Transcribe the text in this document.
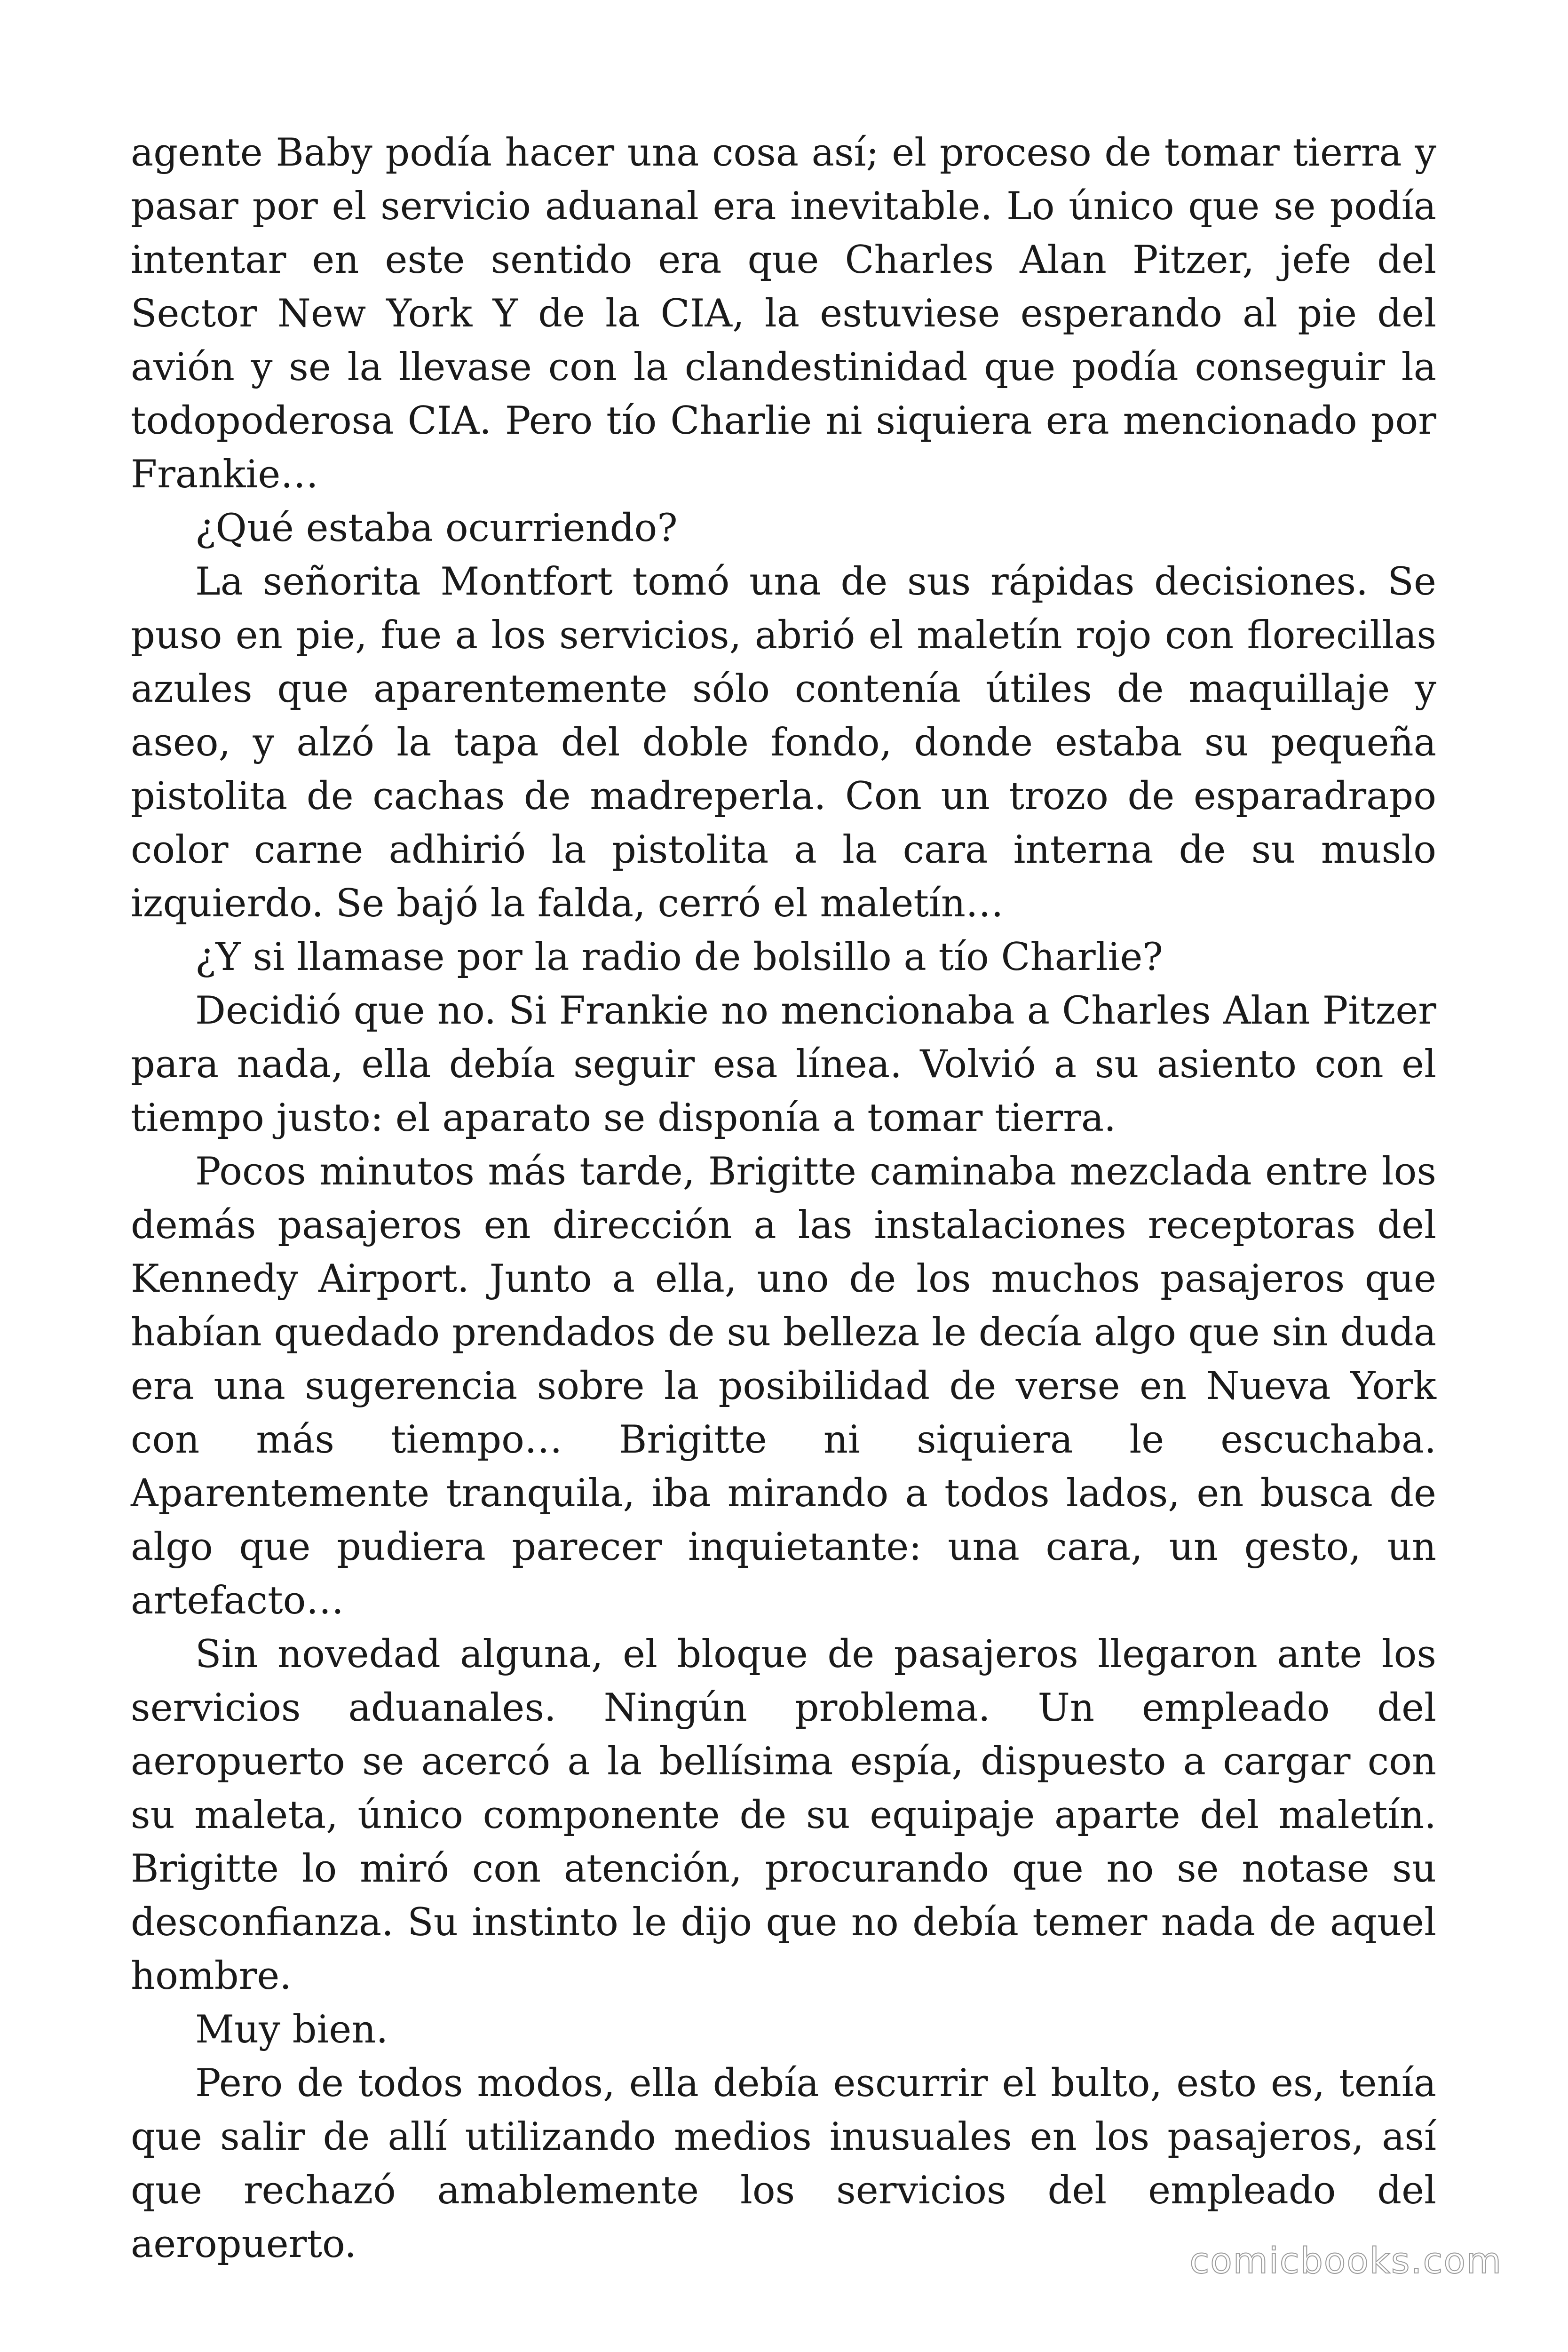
agente Baby podía hacer una cosa así; el proceso de tomar tierra y pasar por el servicio aduanal era inevitable. Lo único que se podía intentar en este sentido era que Charles Alan Pitzer, jefe del Sector New York Y de la CIA, la estuviese esperando al pie del avión y se la llevase con la clandestinidad que podía conseguir la todopoderosa CIA. Pero tío Charlie ni siquiera era mencionado por Frankie…

¿Qué estaba ocurriendo?

La señorita Montfort tomó una de sus rápidas decisiones. Se puso en pie, fue a los servicios, abrió el maletín rojo con florecillas azules que aparentemente sólo contenía útiles de maquillaje y aseo, y alzó la tapa del doble fondo, donde estaba su pequeña pistolita de cachas de madreperla. Con un trozo de esparadrapo color carne adhirió la pistolita a la cara interna de su muslo izquierdo. Se bajó la falda, cerró el maletín…

¿Y si llamase por la radio de bolsillo a tío Charlie?

Decidió que no. Si Frankie no mencionaba a Charles Alan Pitzer para nada, ella debía seguir esa línea. Volvió a su asiento con el tiempo justo: el aparato se disponía a tomar tierra.

Pocos minutos más tarde, Brigitte caminaba mezclada entre los demás pasajeros en dirección a las instalaciones receptoras del Kennedy Airport. Junto a ella, uno de los muchos pasajeros que habían quedado prendados de su belleza le decía algo que sin duda era una sugerencia sobre la posibilidad de verse en Nueva York con más tiempo… Brigitte ni siquiera le escuchaba. Aparentemente tranquila, iba mirando a todos lados, en busca de algo que pudiera parecer inquietante: una cara, un gesto, un artefacto…

Sin novedad alguna, el bloque de pasajeros llegaron ante los servicios aduanales. Ningún problema. Un empleado del aeropuerto se acercó a la bellísima espía, dispuesto a cargar con su maleta, único componente de su equipaje aparte del maletín. Brigitte lo miró con atención, procurando que no se notase su desconfianza. Su instinto le dijo que no debía temer nada de aquel hombre.

Muy bien.

Pero de todos modos, ella debía escurrir el bulto, esto es, tenía que salir de allí utilizando medios inusuales en los pasajeros, así que rechazó amablemente los servicios del empleado del aeropuerto.	comicbooks.com
